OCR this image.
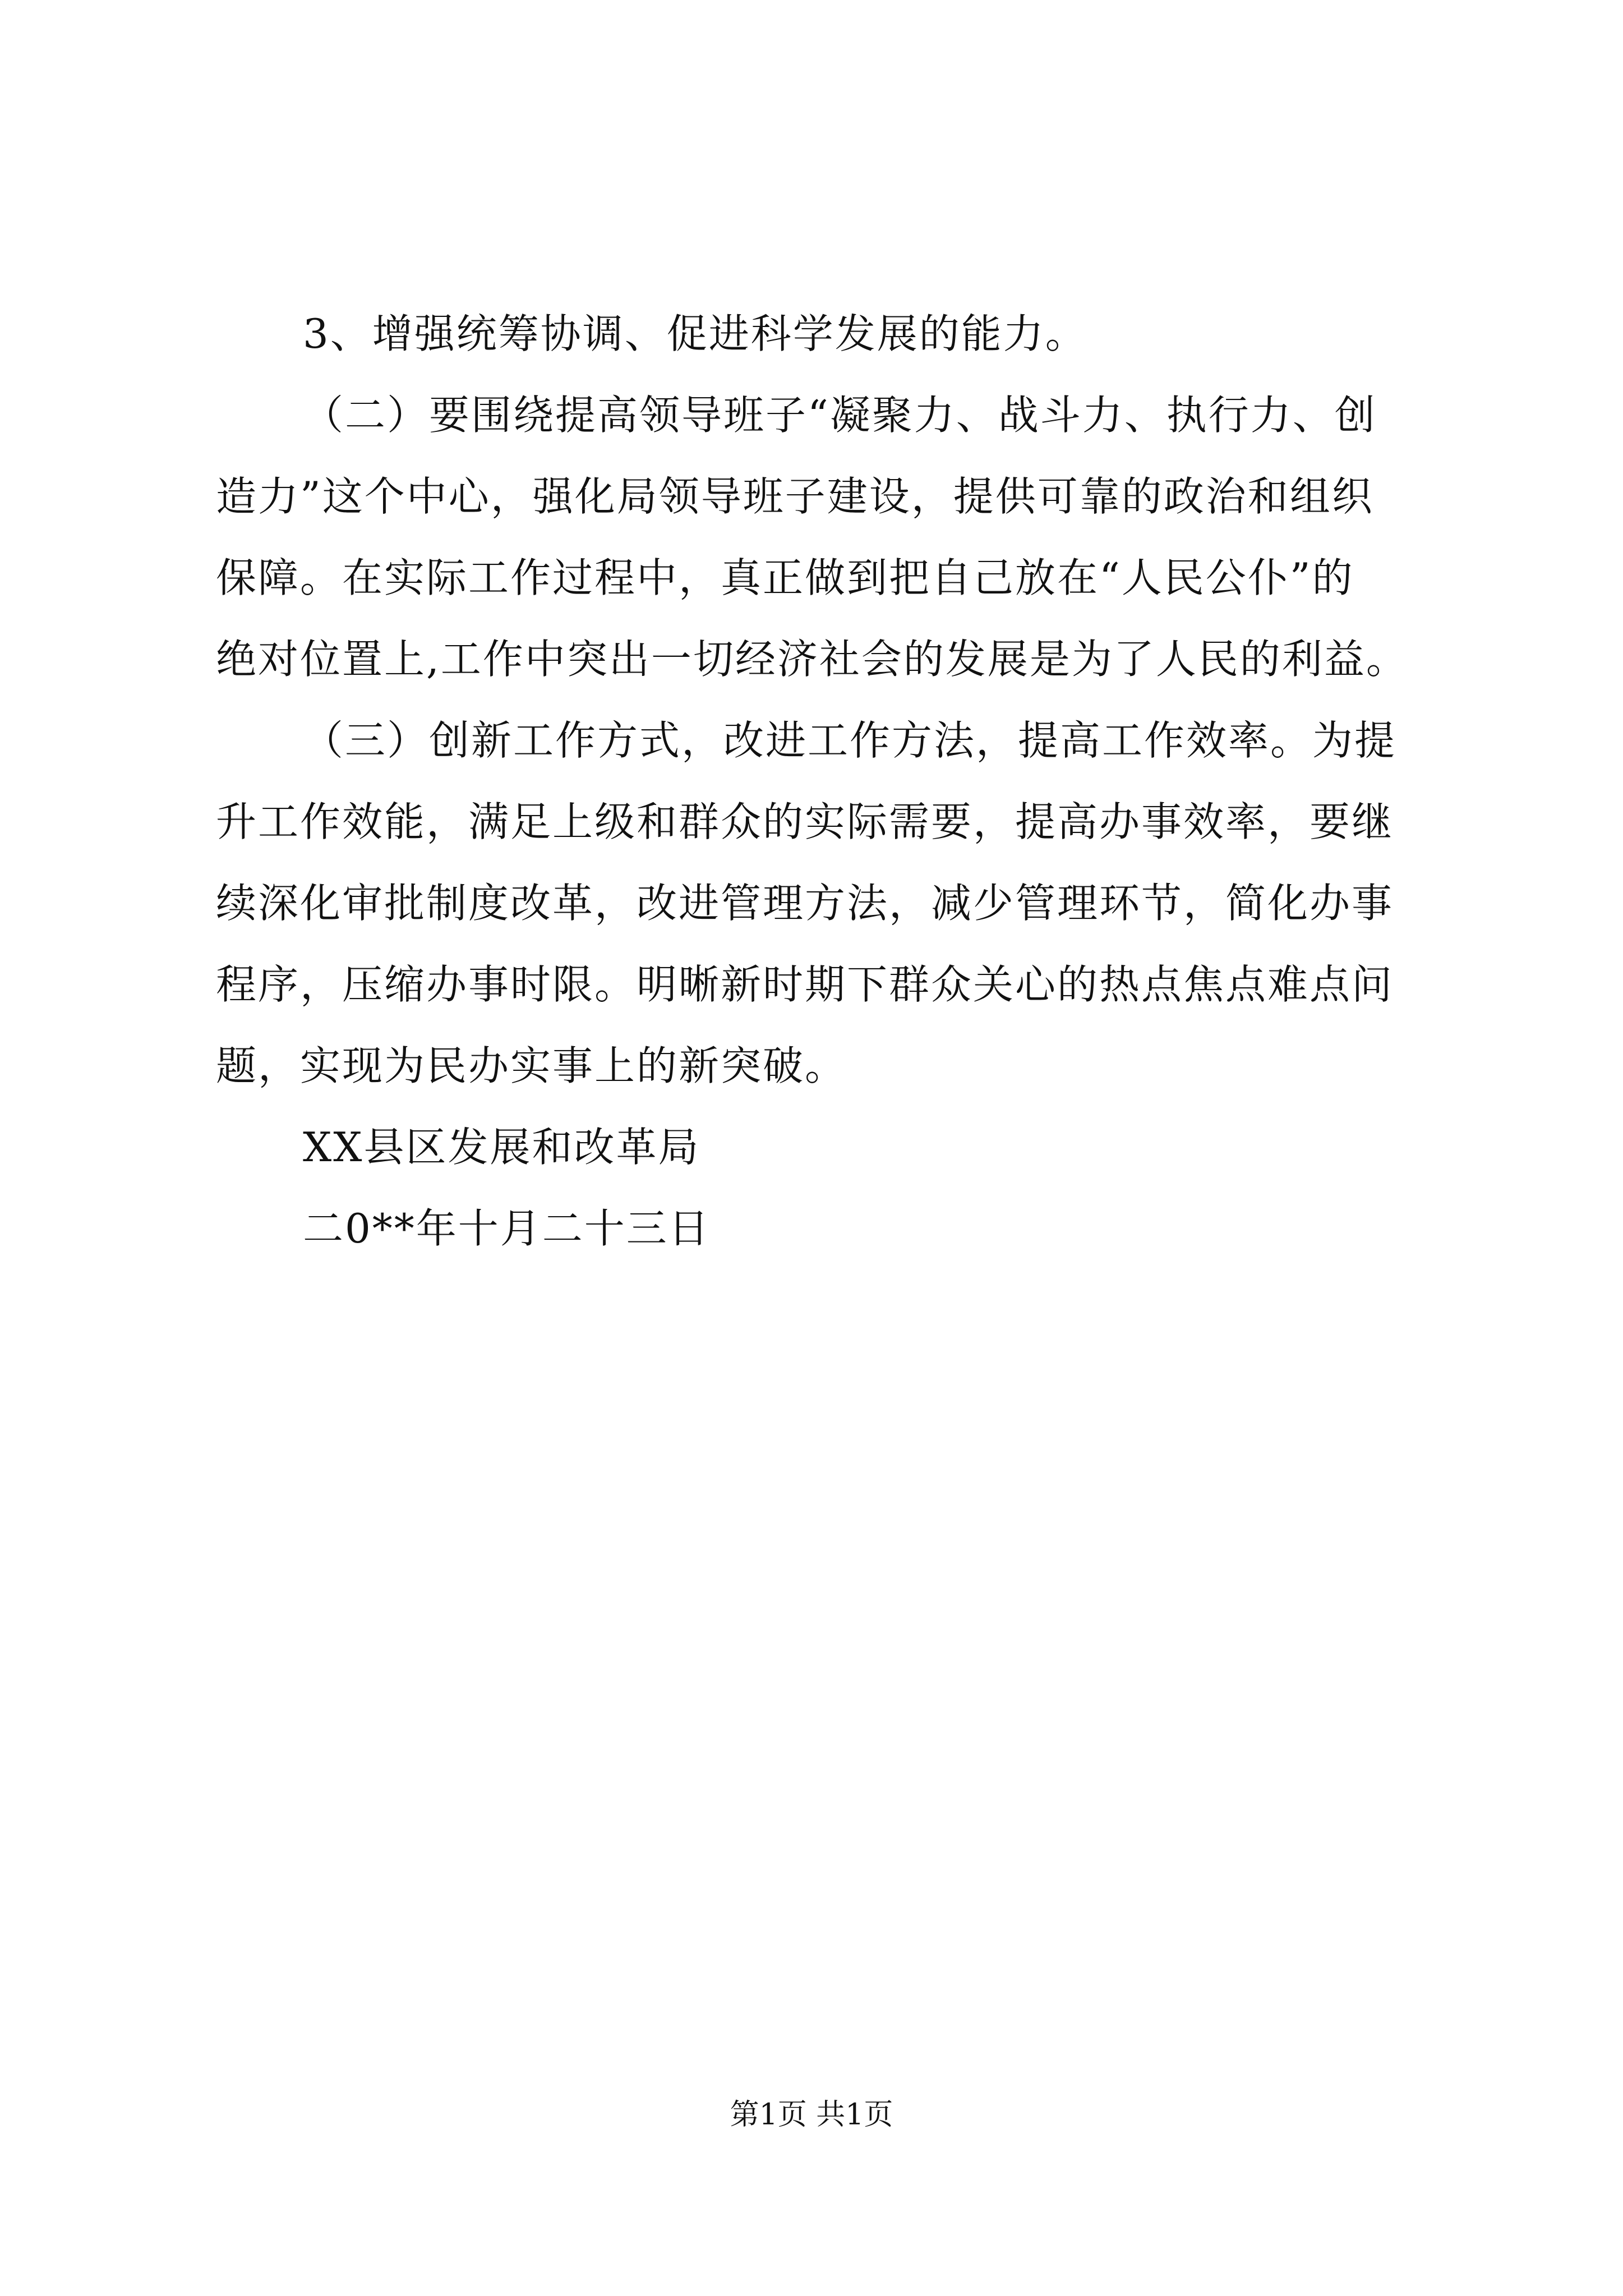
3、增强统筹协调、促进科学发展的能力。
（二）要围绕提高领导班子“凝聚力、战斗力、执行力、创
造力”这个中心，强化局领导班子建设，提供可靠的政治和组织
保障。在实际工作过程中，真正做到把自己放在“人民公仆”的
绝对位置上,工作中突出一切经济社会的发展是为了人民的利益。
（三）创新工作方式，改进工作方法，提高工作效率。为提
升工作效能，满足上级和群众的实际需要，提高办事效率，要继
续深化审批制度改革，改进管理方法，减少管理环节，简化办事
程序，压缩办事时限。明晰新时期下群众关心的热点焦点难点问
题，实现为民办实事上的新突破。
XX县区发展和改革局
二0**年十月二十三日
第1页 共1页
